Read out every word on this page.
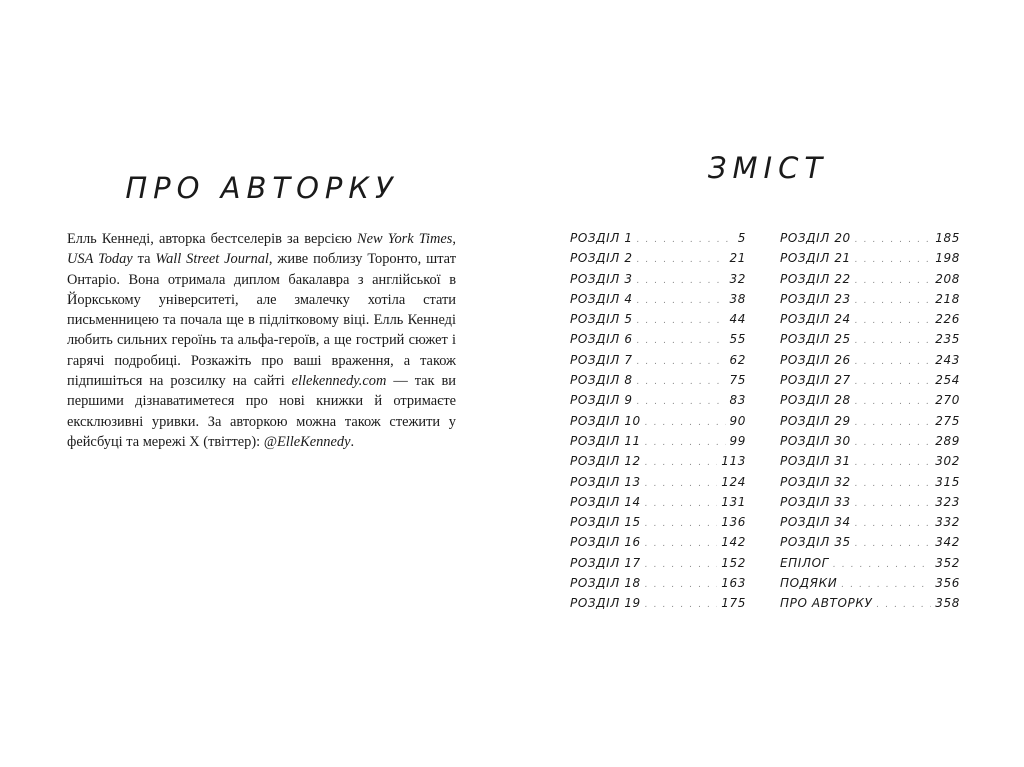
ПРО АВТОРКУ

Елль Кеннеді, авторка бестселерів за версією New York Times, USA Today та Wall Street Journal, живе поблизу Торонто, штат Онтаріо. Вона отримала диплом бакалавра з англійської в Йоркському університеті, але змалечку хотіла стати письменницею та почала ще в підлітковому віці. Елль Кеннеді любить сильних героїнь та альфа-героїв, а ще гострий сюжет і гарячі подробиці. Розкажіть про ваші враження, а також підпишіться на розсилку на сайті ellekennedy.com — так ви першими дізнаватиметеся про нові книжки й отримаєте ексклюзивні уривки. За авторкою можна також стежити у фейсбуці та мережі X (твіттер): @ElleKennedy.

ЗМІСТ
РОЗДІЛ 1 . . .	5
РОЗДІЛ 2 . . .	21
РОЗДІЛ 3 . . .	32
РОЗДІЛ 4 . . .	38
РОЗДІЛ 5 . . .	44
РОЗДІЛ 6 . . .	55
РОЗДІЛ 7 . . .	62
РОЗДІЛ 8 . . .	75
РОЗДІЛ 9 . . .	83
РОЗДІЛ 10 . . .	90
РОЗДІЛ 11 . . .	99
РОЗДІЛ 12 . . .	113
РОЗДІЛ 13 . . .	124
РОЗДІЛ 14 . . .	131
РОЗДІЛ 15 . . .	136
РОЗДІЛ 16 . . .	142
РОЗДІЛ 17 . . .	152
РОЗДІЛ 18 . . .	163
РОЗДІЛ 19 . . .	175
РОЗДІЛ 20 . . .	185
РОЗДІЛ 21 . . .	198
РОЗДІЛ 22 . . .	208
РОЗДІЛ 23 . . .	218
РОЗДІЛ 24 . . .	226
РОЗДІЛ 25 . . .	235
РОЗДІЛ 26 . . .	243
РОЗДІЛ 27 . . .	254
РОЗДІЛ 28 . . .	270
РОЗДІЛ 29 . . .	275
РОЗДІЛ 30 . . .	289
РОЗДІЛ 31 . . .	302
РОЗДІЛ 32 . . .	315
РОЗДІЛ 33 . . .	323
РОЗДІЛ 34 . . .	332
РОЗДІЛ 35 . . .	342
ЕПІЛОГ . . .	352
ПОДЯКИ . . .	356
ПРО АВТОРКУ . . .	358
